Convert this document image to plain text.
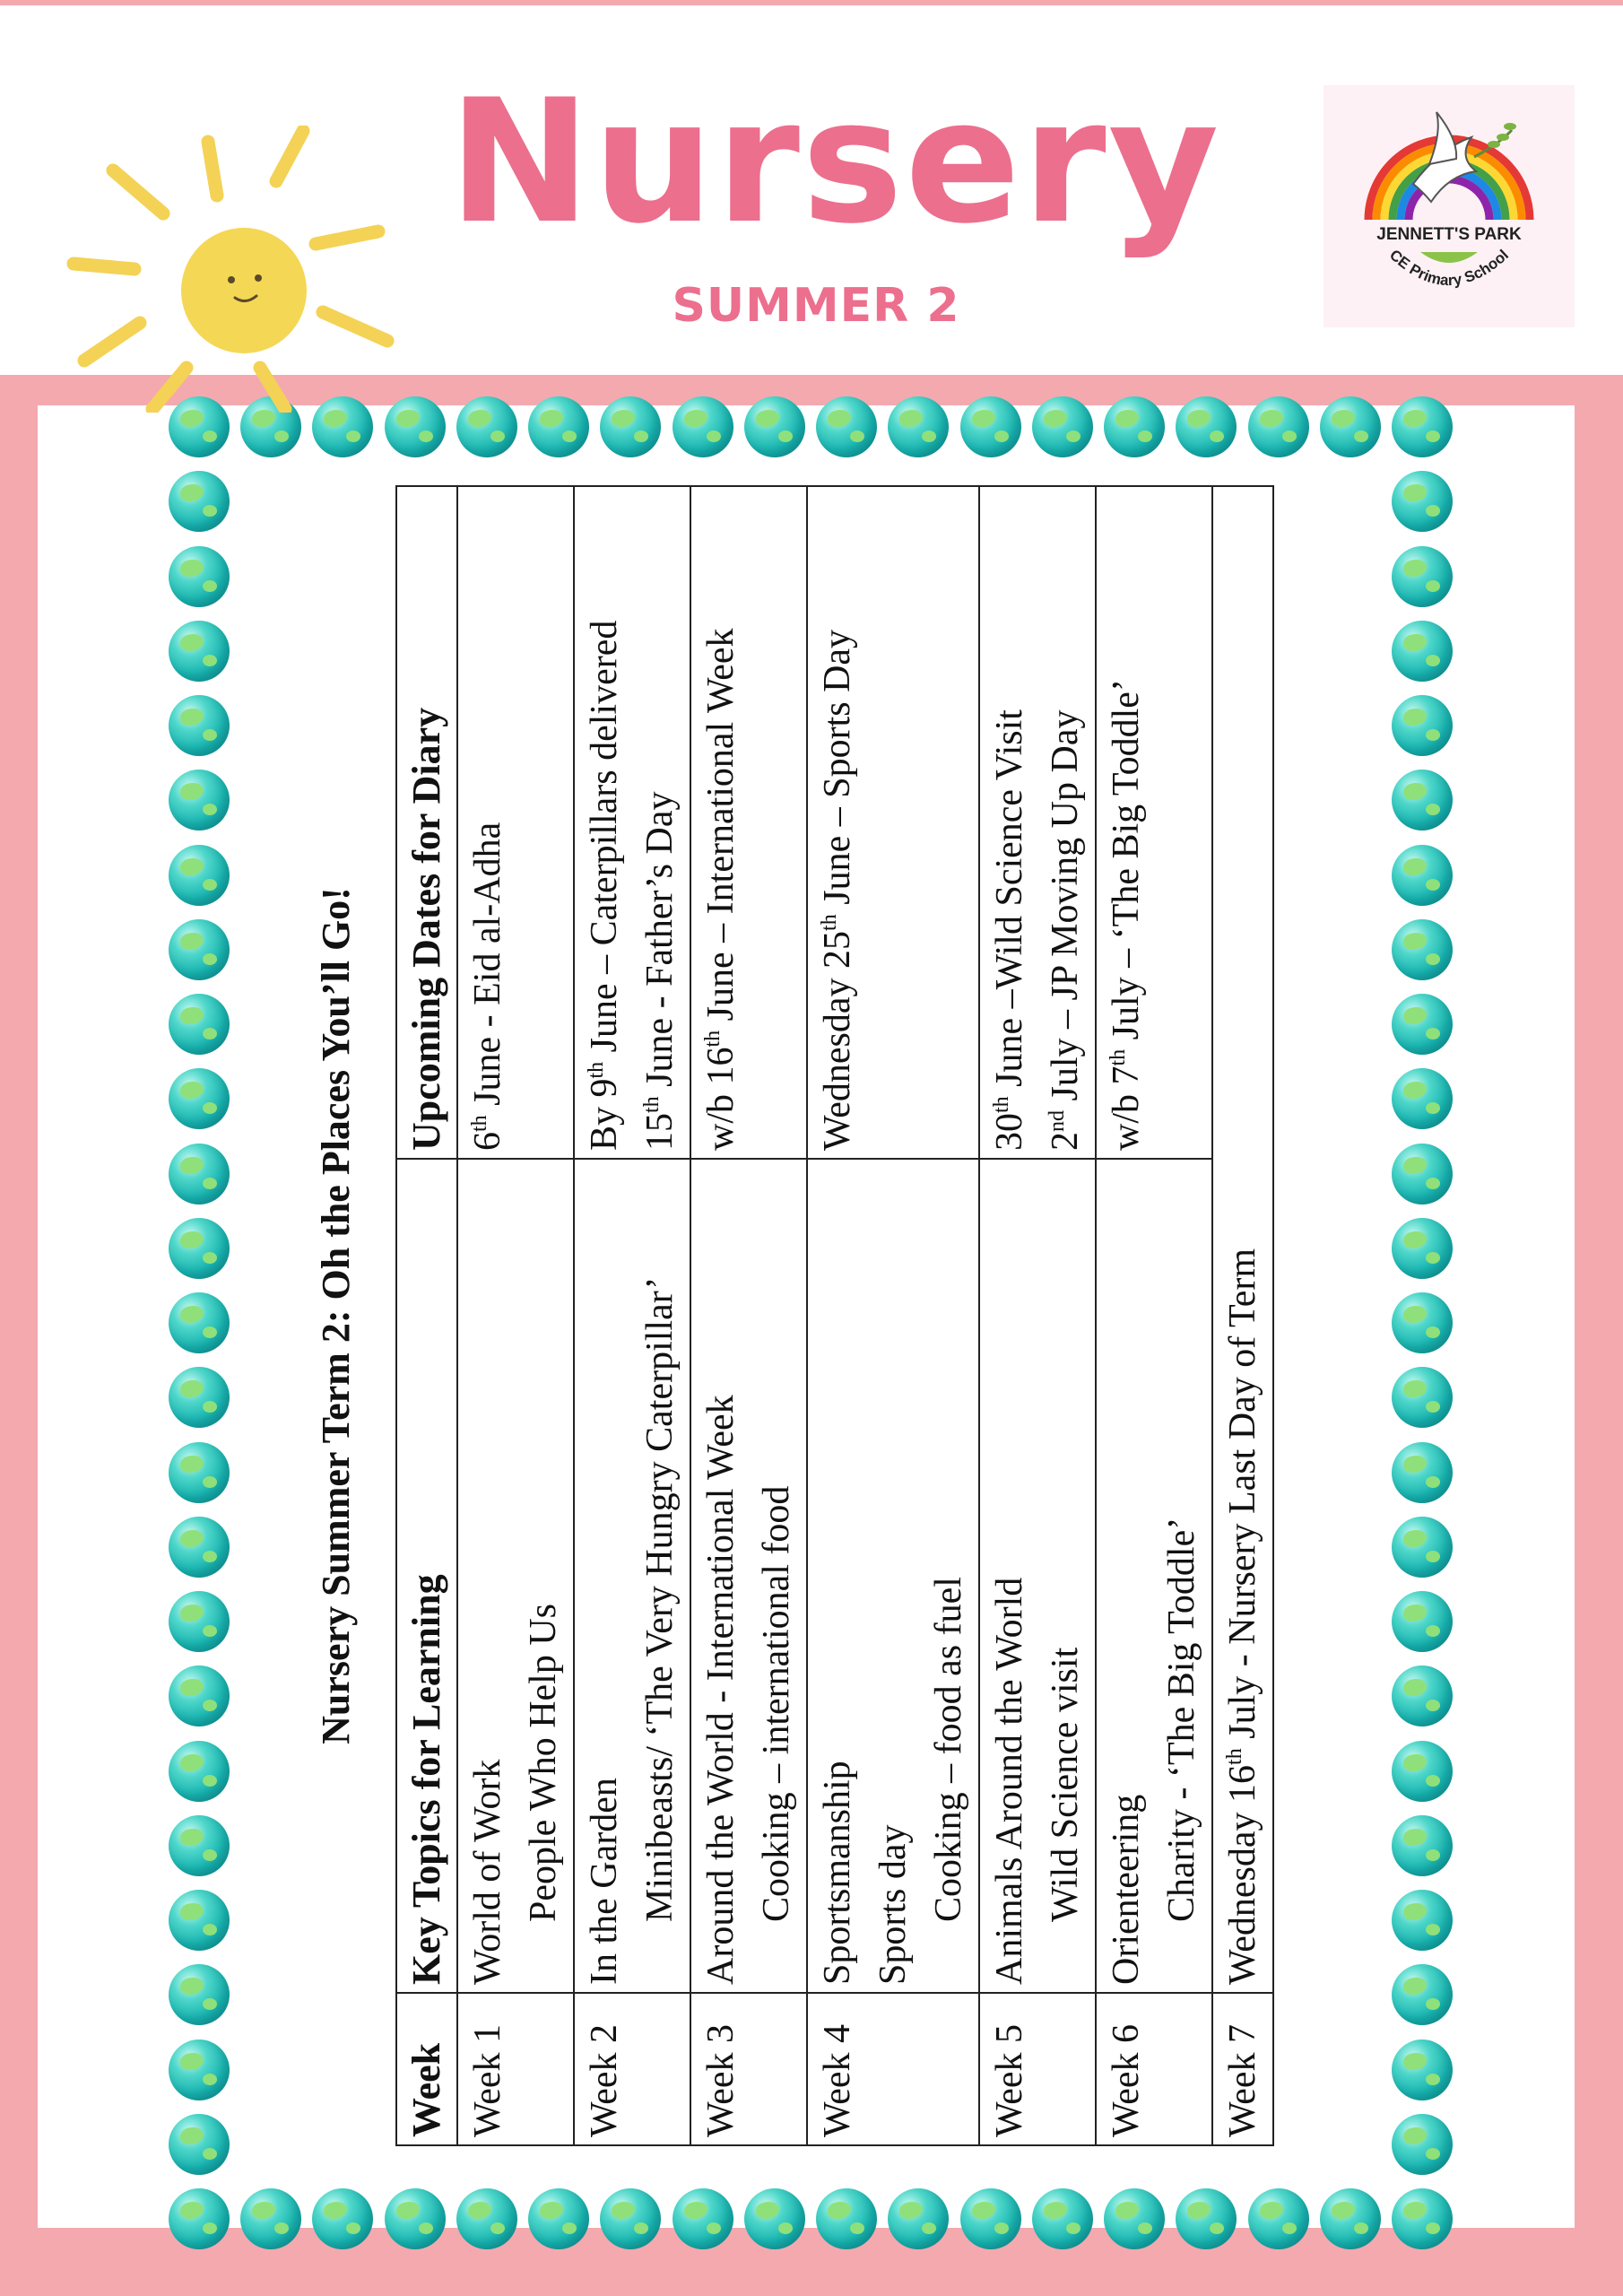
Nursery
SUMMER 2
JENNETT'S PARK
CE Primary School
Nursery Summer Term 2: Oh the Places You’ll Go!
Week	Key Topics for Learning	Upcoming Dates for Diary
Week 1	World of Work People Who Help Us	6th June - Eid al-Adha

Week 2	In the Garden Minibeasts/ ‘The Very Hungry Caterpillar’	By 9th June – Caterpillars delivered
15th June - Father’s Day

Week 3	Around the World - International Week Cooking – international food	w/b 16th June – International Week

Week 4	Sportsmanship Sports day Cooking – food as fuel	Wednesday 25th June – Sports Day

Week 5	Animals Around the World Wild Science visit	30th June –Wild Science Visit
2nd July – JP Moving Up Day

Week 6	Orienteering Charity - ‘The Big Toddle’	w/b 7th July – ‘The Big Toddle’

Week 7	Wednesday 16th July - Nursery Last Day of Term	
